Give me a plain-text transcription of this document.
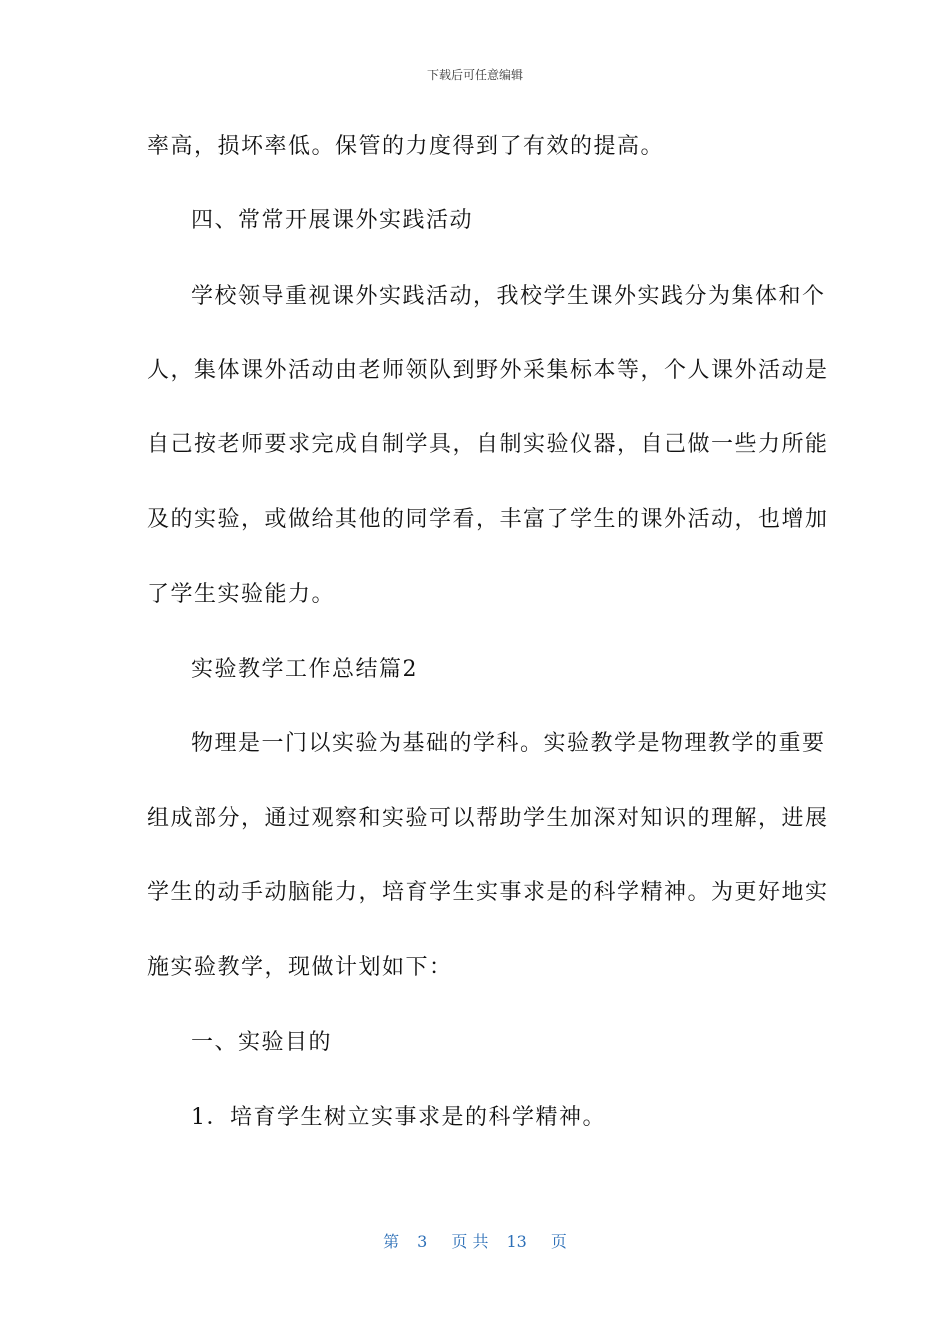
下载后可任意编辑
率高，损坏率低。保管的力度得到了有效的提高。
四、常常开展课外实践活动
学校领导重视课外实践活动，我校学生课外实践分为集体和个
人，集体课外活动由老师领队到野外采集标本等，个人课外活动是
自己按老师要求完成自制学具，自制实验仪器，自己做一些力所能
及的实验，或做给其他的同学看，丰富了学生的课外活动，也增加
了学生实验能力。
实验教学工作总结篇2
物理是一门以实验为基础的学科。实验教学是物理教学的重要
组成部分，通过观察和实验可以帮助学生加深对知识的理解，进展
学生的动手动脑能力，培育学生实事求是的科学精神。为更好地实
施实验教学，现做计划如下：
一、实验目的
1．培育学生树立实事求是的科学精神。
第 3 页 共 13 页
